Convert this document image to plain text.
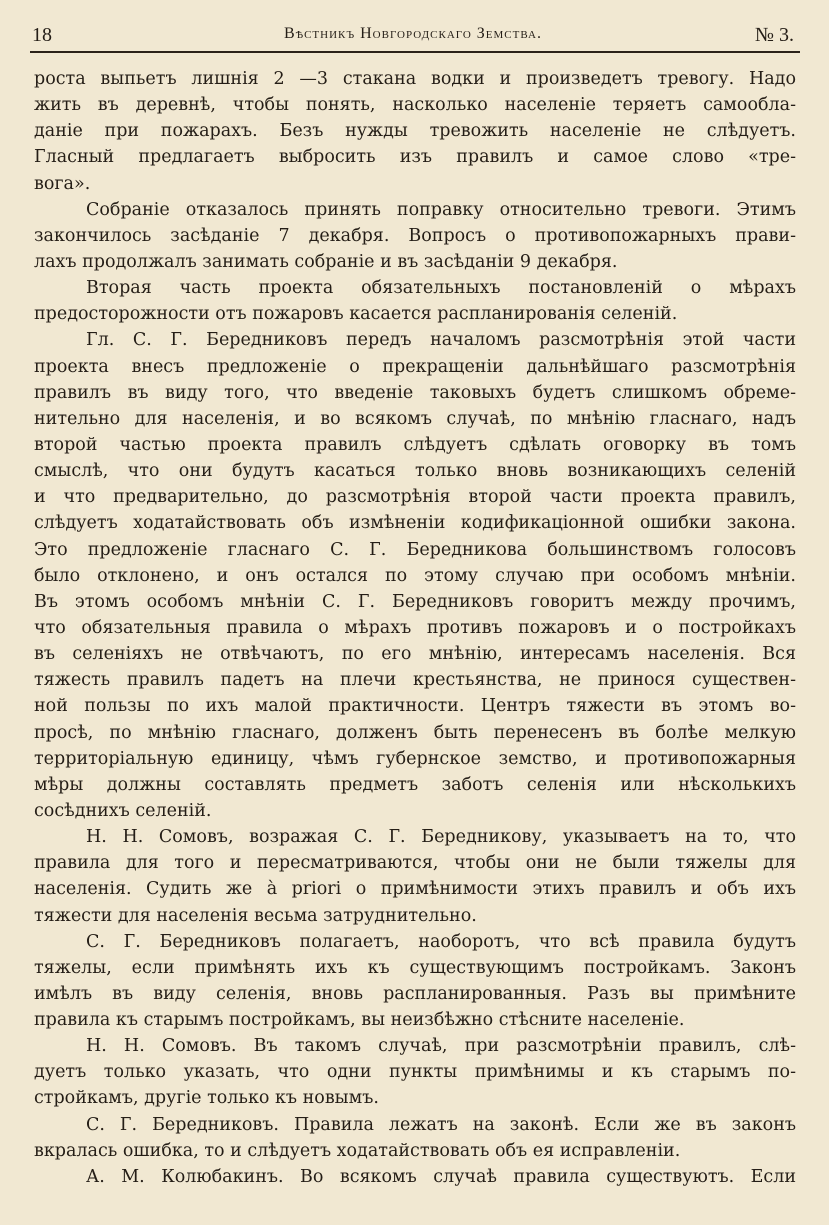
18	Вѣстникъ Новгородскаго Земства.	№ 3.
роста выпьетъ лишнія 2 —3 стакана водки и произведетъ тревогу. Надо
жить въ деревнѣ, чтобы понять, насколько населеніе теряетъ самообла-
даніе при пожарахъ. Безъ нужды тревожить населеніе не слѣдуетъ.
Гласный предлагаетъ выбросить изъ правилъ и самое слово «тре-
вога».
Собраніе отказалось принять поправку относительно тревоги. Этимъ
закончилось засѣданіе 7 декабря. Вопросъ о противопожарныхъ прави-
лахъ продолжалъ занимать собраніе и въ засѣданіи 9 декабря.
Вторая часть проекта обязательныхъ постановленій о мѣрахъ
предосторожности отъ пожаровъ касается распланированія селеній.
Гл. С. Г. Бередниковъ передъ началомъ разсмотрѣнія этой части
проекта внесъ предложеніе о прекращеніи дальнѣйшаго разсмотрѣнія
правилъ въ виду того, что введеніе таковыхъ будетъ слишкомъ обреме-
нительно для населенія, и во всякомъ случаѣ, по мнѣнію гласнаго, надъ
второй частью проекта правилъ слѣдуетъ сдѣлать оговорку въ томъ
смыслѣ, что они будутъ касаться только вновь возникающихъ селеній
и что предварительно, до разсмотрѣнія второй части проекта правилъ,
слѣдуетъ ходатайствовать объ измѣненіи кодификаціонной ошибки закона.
Это предложеніе гласнаго С. Г. Бередникова большинствомъ голосовъ
было отклонено, и онъ остался по этому случаю при особомъ мнѣніи.
Въ этомъ особомъ мнѣніи С. Г. Бередниковъ говоритъ между прочимъ,
что обязательныя правила о мѣрахъ противъ пожаровъ и о постройкахъ
въ селеніяхъ не отвѣчаютъ, по его мнѣнію, интересамъ населенія. Вся
тяжесть правилъ падетъ на плечи крестьянства, не принося существен-
ной пользы по ихъ малой практичности. Центръ тяжести въ этомъ во-
просѣ, по мнѣнію гласнаго, долженъ быть перенесенъ въ болѣе мелкую
территоріальную единицу, чѣмъ губернское земство, и противопожарныя
мѣры должны составлять предметъ заботъ селенія или нѣсколькихъ
сосѣднихъ селеній.
Н. Н. Сомовъ, возражая С. Г. Бередникову, указываетъ на то, что
правила для того и пересматриваются, чтобы они не были тяжелы для
населенія. Судить же à priori о примѣнимости этихъ правилъ и объ ихъ
тяжести для населенія весьма затруднительно.
С. Г. Бередниковъ полагаетъ, наоборотъ, что всѣ правила будутъ
тяжелы, если примѣнять ихъ къ существующимъ постройкамъ. Законъ
имѣлъ въ виду селенія, вновь распланированныя. Разъ вы примѣните
правила къ старымъ постройкамъ, вы неизбѣжно стѣсните населеніе.
Н. Н. Сомовъ. Въ такомъ случаѣ, при разсмотрѣніи правилъ, слѣ-
дуетъ только указать, что одни пункты примѣнимы и къ старымъ по-
стройкамъ, другіе только къ новымъ.
С. Г. Бередниковъ. Правила лежатъ на законѣ. Если же въ законъ
вкралась ошибка, то и слѣдуетъ ходатайствовать объ ея исправленіи.
А. М. Колюбакинъ. Во всякомъ случаѣ правила существуютъ. Если
